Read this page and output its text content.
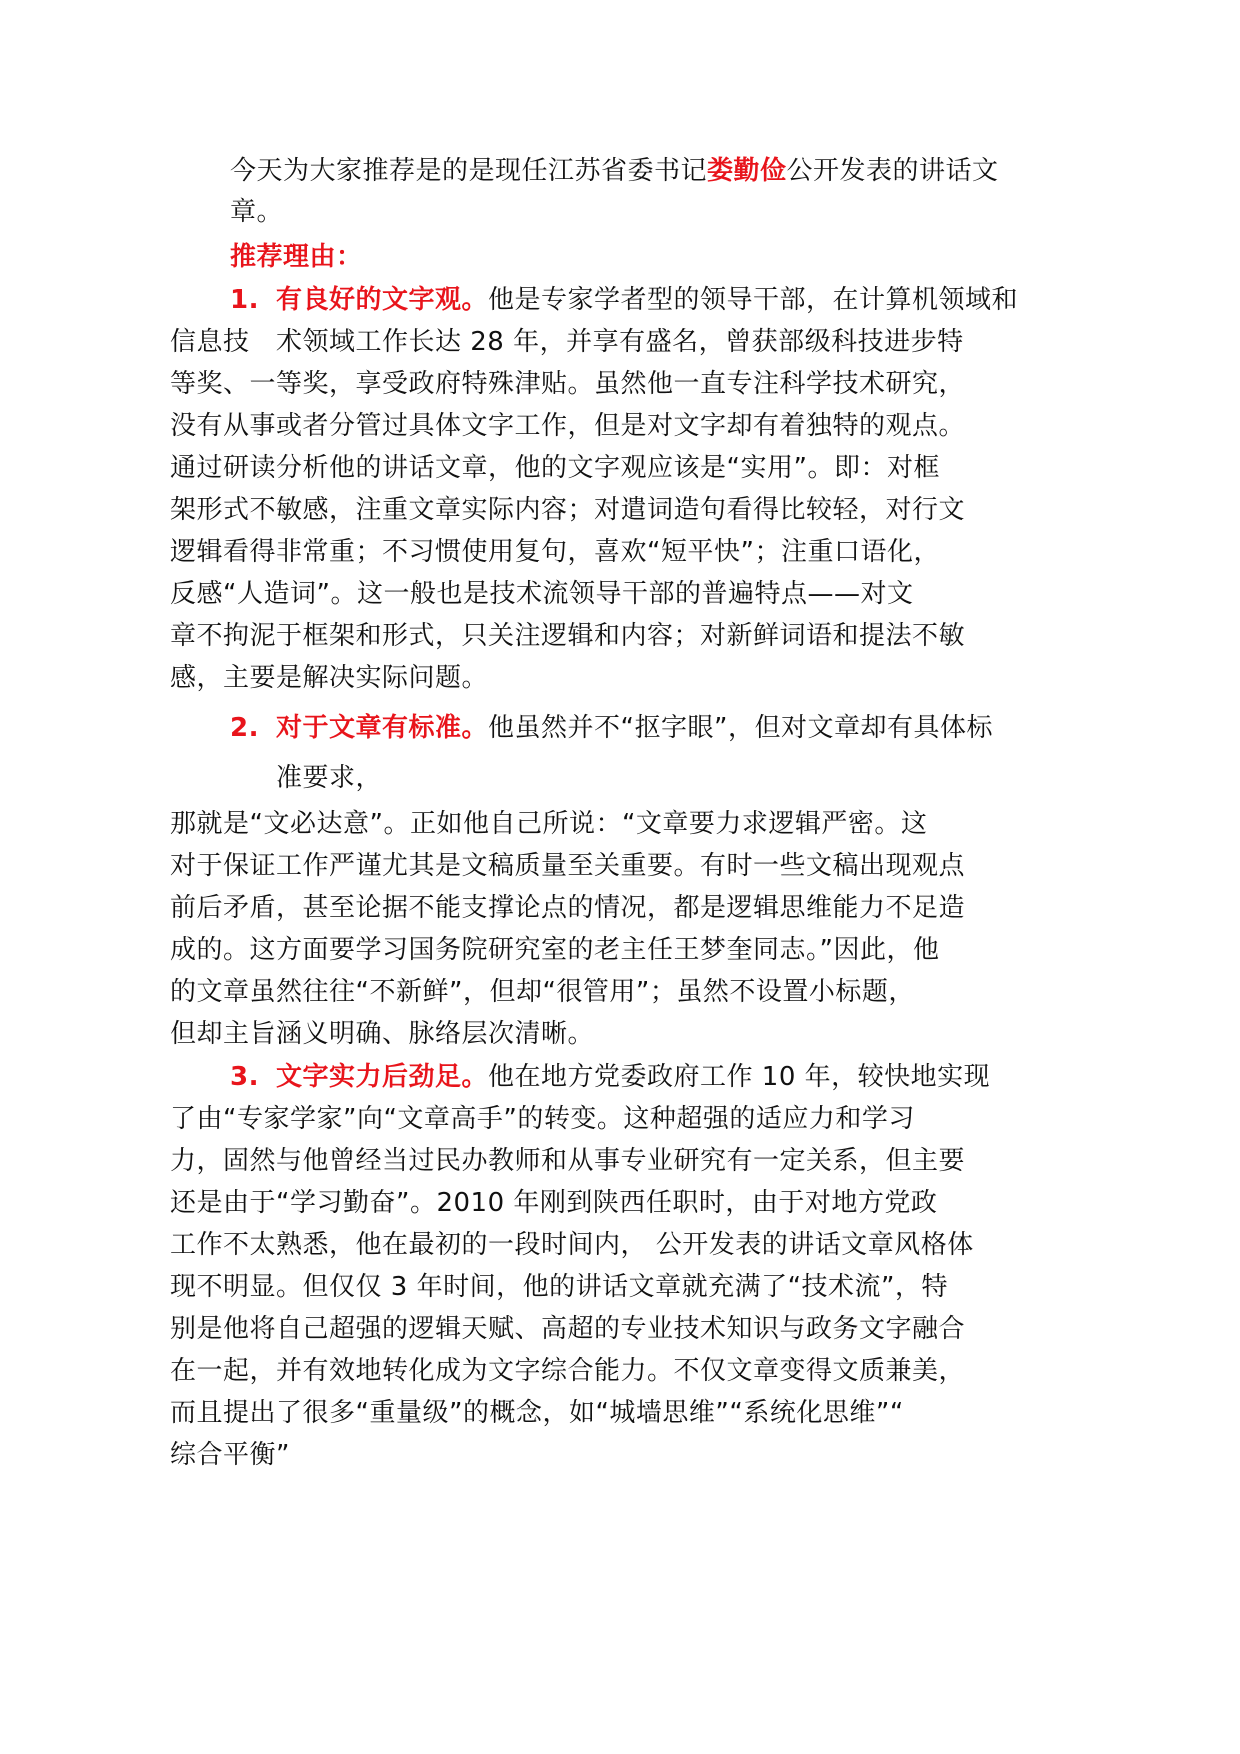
今天为大家推荐是的是现任江苏省委书记娄勤俭公开发表的讲话文
章。
推荐理由：
1. 有良好的文字观。他是专家学者型的领导干部，在计算机领域和
信息技　术领域工作长达 28 年，并享有盛名，曾获部级科技进步特
等奖、一等奖，享受政府特殊津贴。虽然他一直专注科学技术研究，
没有从事或者分管过具体文字工作，但是对文字却有着独特的观点。
通过研读分析他的讲话文章，他的文字观应该是“实用”。即：对框
架形式不敏感，注重文章实际内容；对遣词造句看得比较轻，对行文
逻辑看得非常重；不习惯使用复句，喜欢“短平快”；注重口语化，
反感“人造词”。这一般也是技术流领导干部的普遍特点——对文
章不拘泥于框架和形式，只关注逻辑和内容；对新鲜词语和提法不敏
感，主要是解决实际问题。
2. 对于文章有标准。他虽然并不“抠字眼”，但对文章却有具体标
准要求，
那就是“文必达意”。正如他自己所说：“文章要力求逻辑严密。这
对于保证工作严谨尤其是文稿质量至关重要。有时一些文稿出现观点
前后矛盾，甚至论据不能支撑论点的情况，都是逻辑思维能力不足造
成的。这方面要学习国务院研究室的老主任王梦奎同志。”因此，他
的文章虽然往往“不新鲜”，但却“很管用”；虽然不设置小标题，
但却主旨涵义明确、脉络层次清晰。
3. 文字实力后劲足。他在地方党委政府工作 10 年，较快地实现
了由“专家学家”向“文章高手”的转变。这种超强的适应力和学习
力，固然与他曾经当过民办教师和从事专业研究有一定关系，但主要
还是由于“学习勤奋”。2010 年刚到陕西任职时，由于对地方党政
工作不太熟悉，他在最初的一段时间内， 公开发表的讲话文章风格体
现不明显。但仅仅 3 年时间，他的讲话文章就充满了“技术流”，特
别是他将自己超强的逻辑天赋、高超的专业技术知识与政务文字融合
在一起，并有效地转化成为文字综合能力。不仅文章变得文质兼美，
而且提出了很多“重量级”的概念，如“城墙思维”“系统化思维”“
综合平衡”
